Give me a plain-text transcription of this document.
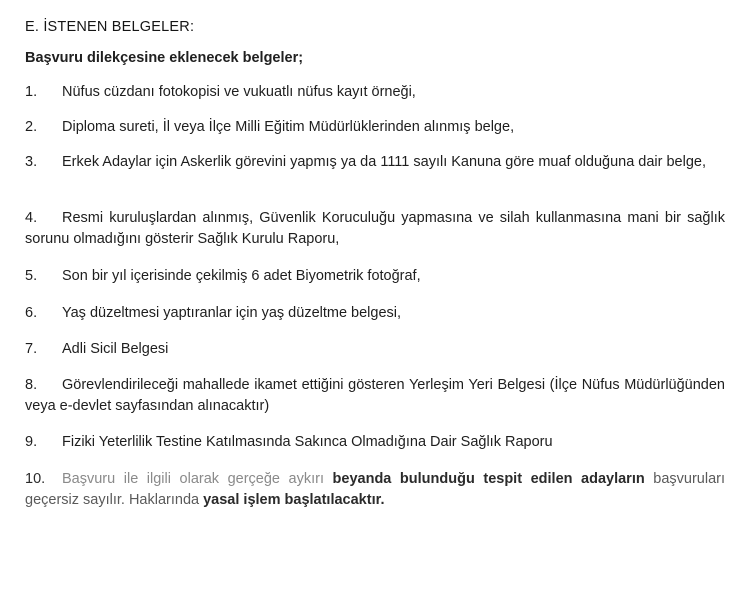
E. İSTENEN BELGELER:
Başvuru dilekçesine eklenecek belgeler;
1. Nüfus cüzdanı fotokopisi ve vukuatlı nüfus kayıt örneği,
2. Diploma sureti, İl veya İlçe Milli Eğitim Müdürlüklerinden alınmış belge,
3. Erkek Adaylar için Askerlik görevini yapmış ya da 1111 sayılı Kanuna göre muaf olduğuna dair belge,
4. Resmi kuruluşlardan alınmış, Güvenlik Koruculuğu yapmasına ve silah kullanmasına mani bir sağlık sorunu olmadığını gösterir Sağlık Kurulu Raporu,
5. Son bir yıl içerisinde çekilmiş 6 adet Biyometrik fotoğraf,
6. Yaş düzeltmesi yaptıranlar için yaş düzeltme belgesi,
7. Adli Sicil Belgesi
8. Görevlendirileceği mahallede ikamet ettiğini gösteren Yerleşim Yeri Belgesi (İlçe Nüfus Müdürlüğünden veya e-devlet sayfasından alınacaktır)
9. Fiziki Yeterlilik Testine Katılmasında Sakınca Olmadığına Dair Sağlık Raporu
10. Başvuru ile ilgili olarak gerçeğe aykırı beyanda bulunduğu tespit edilen adayların başvuruları geçersiz sayılır. Haklarında yasal işlem başlatılacaktır.
